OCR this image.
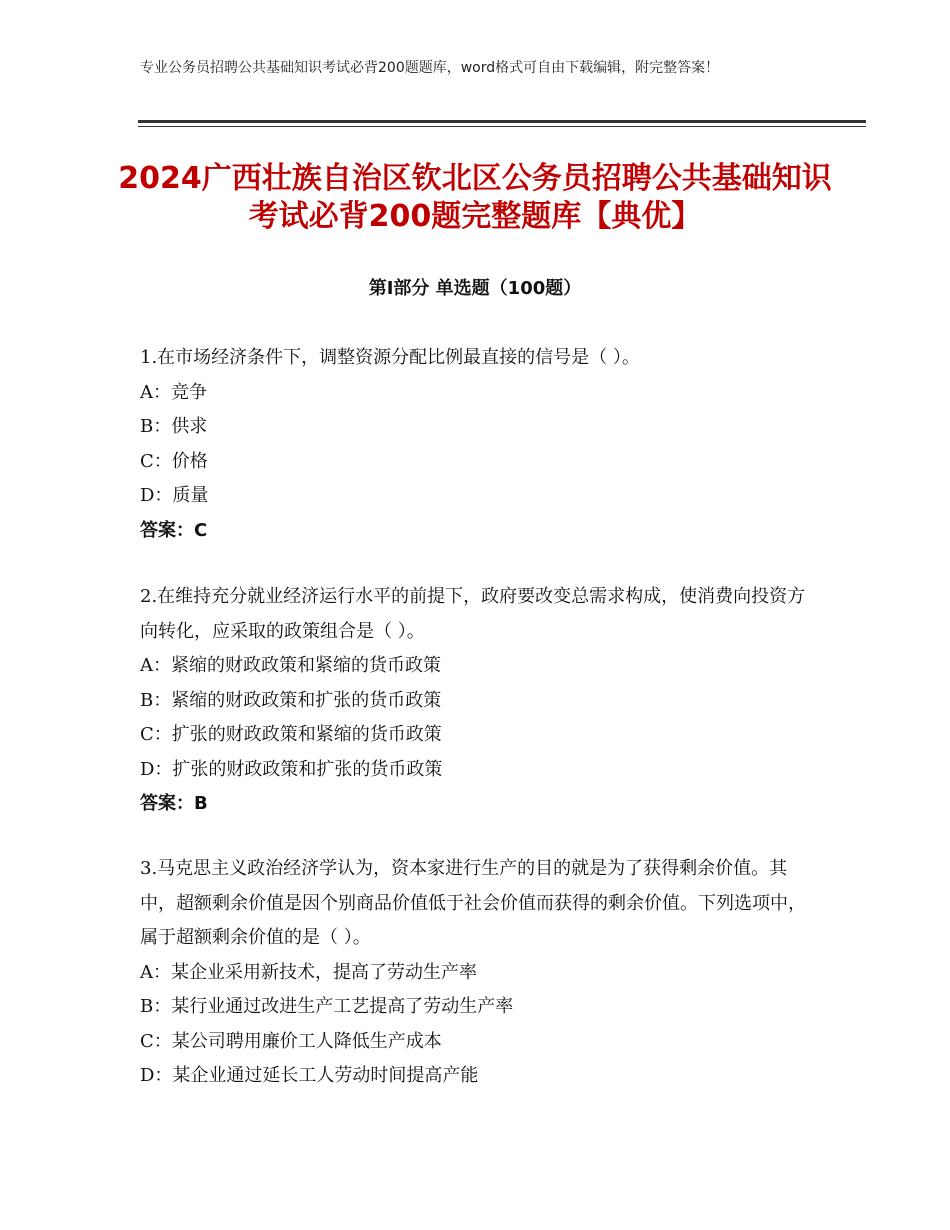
专业公务员招聘公共基础知识考试必背200题题库，word格式可自由下载编辑，附完整答案！
2024广西壮族自治区钦北区公务员招聘公共基础知识考试必背200题完整题库【典优】
第Ⅰ部分 单选题（100题）

1.在市场经济条件下，调整资源分配比例最直接的信号是（ ）。

A：竞争

B：供求

C：价格

D：质量

答案：C

2.在维持充分就业经济运行水平的前提下，政府要改变总需求构成，使消费向投资方向转化，应采取的政策组合是（ ）。

A：紧缩的财政政策和紧缩的货币政策

B：紧缩的财政政策和扩张的货币政策

C：扩张的财政政策和紧缩的货币政策

D：扩张的财政政策和扩张的货币政策

答案：B

3.马克思主义政治经济学认为，资本家进行生产的目的就是为了获得剩余价值。其中，超额剩余价值是因个别商品价值低于社会价值而获得的剩余价值。下列选项中，属于超额剩余价值的是（ ）。

A：某企业采用新技术，提高了劳动生产率

B：某行业通过改进生产工艺提高了劳动生产率

C：某公司聘用廉价工人降低生产成本

D：某企业通过延长工人劳动时间提高产能
